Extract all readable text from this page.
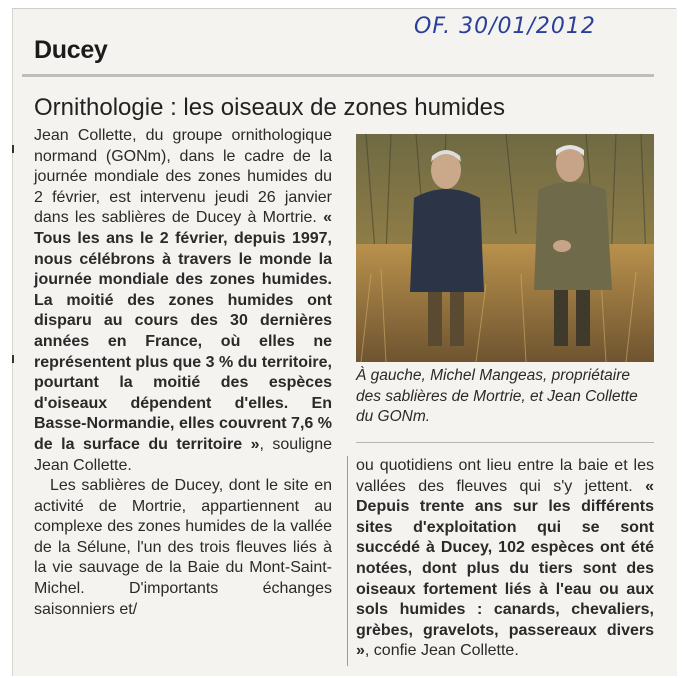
Ducey
OF. 30/01/2012
Ornithologie : les oiseaux de zones humides

Jean Collette, du groupe ornithologique normand (GONm), dans le cadre de la journée mondiale des zones humides du 2 février, est intervenu jeudi 26 janvier dans les sablières de Ducey à Mortrie. « Tous les ans le 2 février, depuis 1997, nous célébrons à travers le monde la journée mondiale des zones humides. La moitié des zones humides ont disparu au cours des 30 dernières années en France, où elles ne représentent plus que 3 % du territoire, pourtant la moitié des espèces d'oiseaux dépendent d'elles. En Basse-Normandie, elles couvrent 7,6 % de la surface du territoire », souligne Jean Collette.

Les sablières de Ducey, dont le site en activité de Mortrie, appartiennent au complexe des zones humides de la vallée de la Sélune, l'un des trois fleuves liés à la vie sauvage de la Baie du Mont-Saint-Michel. D'importants échanges saisonniers et/

À gauche, Michel Mangeas, propriétaire des sablières de Mortrie, et Jean Collette du GONm.

ou quotidiens ont lieu entre la baie et les vallées des fleuves qui s'y jettent. « Depuis trente ans sur les différents sites d'exploitation qui se sont succédé à Ducey, 102 espèces ont été notées, dont plus du tiers sont des oiseaux fortement liés à l'eau ou aux sols humides : canards, chevaliers, grèbes, gravelots, passereaux divers », confie Jean Collette.
